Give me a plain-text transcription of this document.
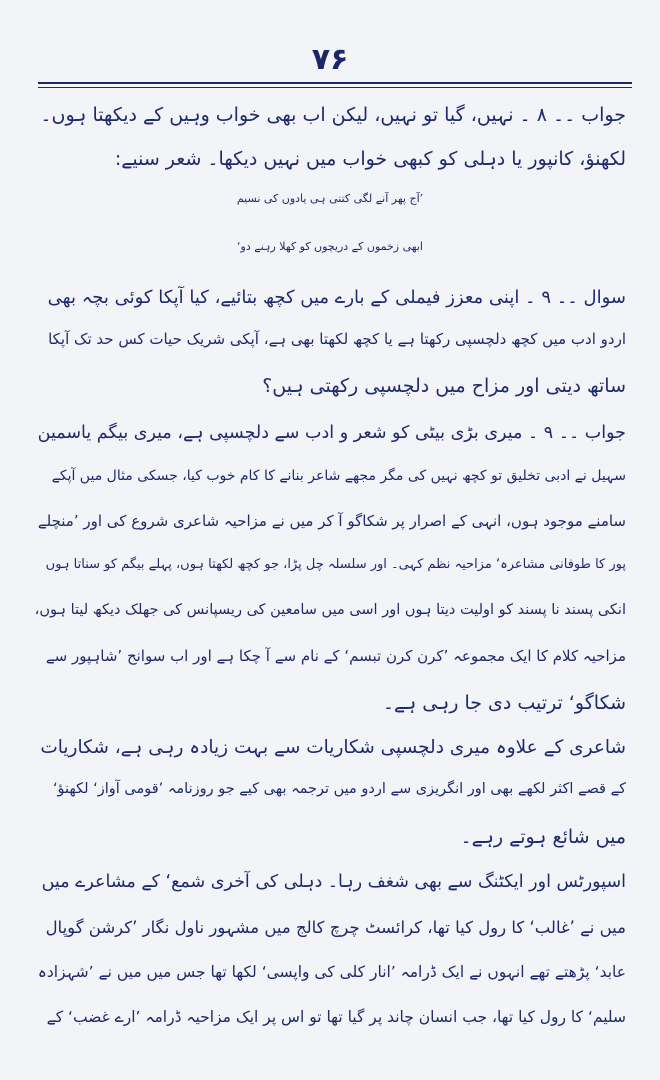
۷۶
جواب ۔۔ ۸ ۔ نہیں، گیا تو نہیں، لیکن اب بھی خواب وہیں کے دیکھتا ہوں۔
لکھنؤ، کانپور یا دہلی کو کبھی خواب میں نہیں دیکھا۔ شعر سنیے:
’آج پھر آنے لگی کتنی ہی یادوں کی نسیم
ابھی زخموں کے دریچوں کو کھلا رہنے دو‘
سوال ۔۔ ۹ ۔ اپنی معزز فیملی کے بارے میں کچھ بتائیے، کیا آپکا کوئی بچہ بھی
اردو ادب میں کچھ دلچسپی رکھتا ہے یا کچھ لکھتا بھی ہے، آپکی شریک حیات کس حد تک آپکا
ساتھ دیتی اور مزاح میں دلچسپی رکھتی ہیں؟
جواب ۔۔ ۹ ۔ میری بڑی بیٹی کو شعر و ادب سے دلچسپی ہے، میری بیگم یاسمین
سہیل نے ادبی تخلیق تو کچھ نہیں کی مگر مجھے شاعر بنانے کا کام خوب کیا، جسکی مثال میں آپکے
سامنے موجود ہوں، انہی کے اصرار پر شکاگو آ کر میں نے مزاحیہ شاعری شروع کی اور ’منچلے
پور کا طوفانی مشاعرہ‘ مزاحیہ نظم کہی۔ اور سلسلہ چل پڑا، جو کچھ لکھتا ہوں، پہلے بیگم کو سناتا ہوں
انکی پسند نا پسند کو اولیت دیتا ہوں اور اسی میں سامعین کی ریسپانس کی جھلک دیکھ لیتا ہوں،
مزاحیہ کلام کا ایک مجموعہ ’کرن کرن تبسم‘ کے نام سے آ چکا ہے اور اب سوانح ’شاہپور سے
شکاگو‘ ترتیب دی جا رہی ہے۔
شاعری کے علاوہ میری دلچسپی شکاریات سے بہت زیادہ رہی ہے، شکاریات
کے قصے اکثر لکھے بھی اور انگریزی سے اردو میں ترجمہ بھی کیے جو روزنامہ ’قومی آواز‘ لکھنؤ‘
میں شائع ہوتے رہے۔
اسپورٹس اور ایکٹنگ سے بھی شغف رہا۔ دہلی کی آخری شمع‘ کے مشاعرے میں
میں نے ’غالب‘ کا رول کیا تھا، کرائسٹ چرچ کالج میں مشہور ناول نگار ’کرشن گوپال
عابد‘ پڑھتے تھے انہوں نے ایک ڈرامہ ’انار کلی کی واپسی‘ لکھا تھا جس میں میں نے ’شہزادہ
سلیم‘ کا رول کیا تھا، جب انسان چاند پر گیا تھا تو اس پر ایک مزاحیہ ڈرامہ ’ارے غضب‘ کے
